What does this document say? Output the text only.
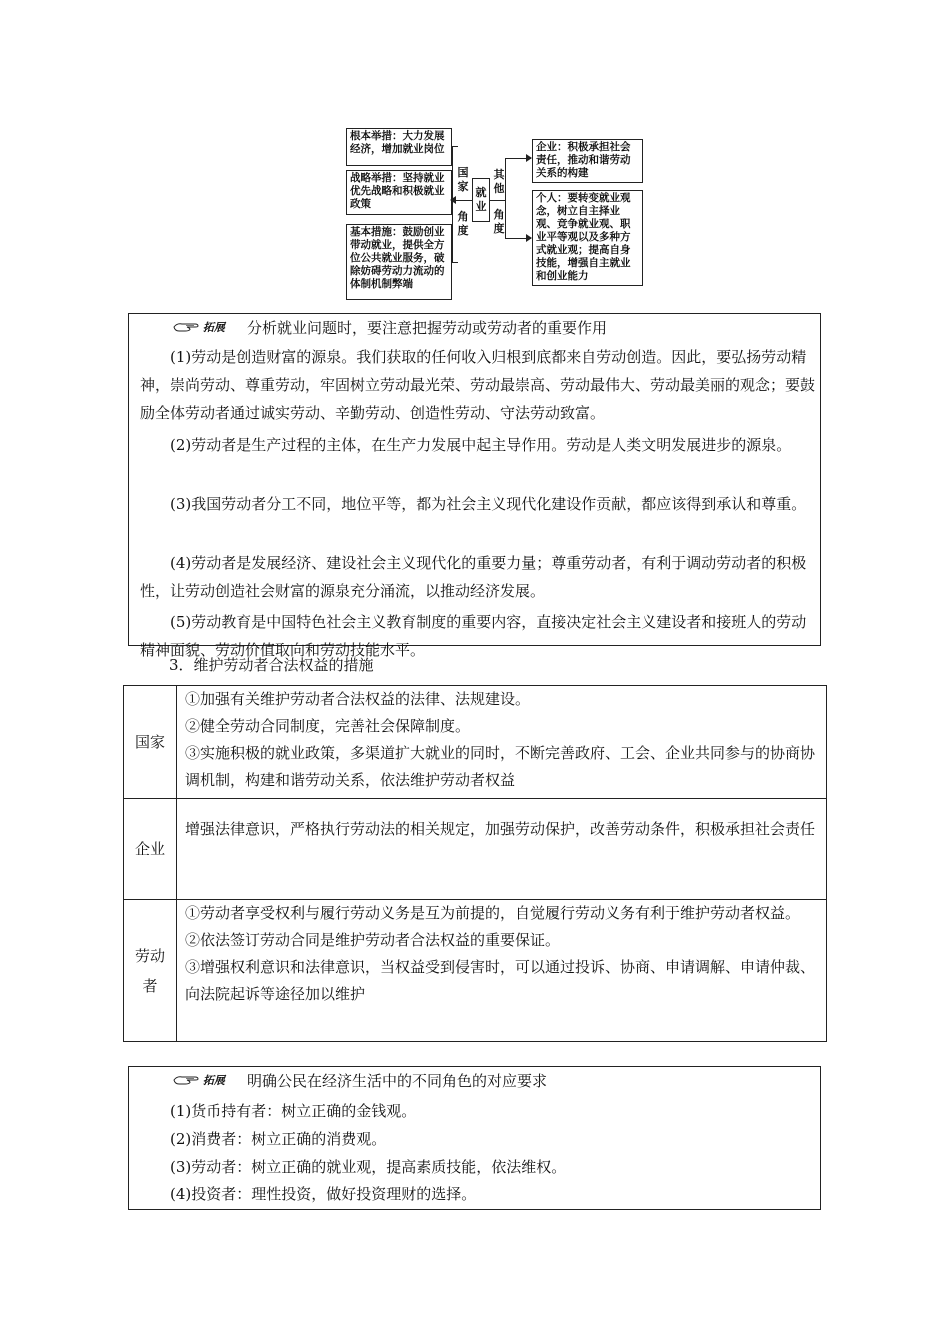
根本举措：大力发展经济，增加就业岗位
战略举措：坚持就业优先战略和积极就业政策
基本措施：鼓励创业带动就业，提供全方位公共就业服务，破除妨碍劳动力流动的体制机制弊端
国家
角度
就业
其他
角度
企业：积极承担社会责任，推动和谐劳动关系的构建
个人：要转变就业观念，树立自主择业观、竞争就业观、职业平等观以及多种方式就业观；提高自身技能，增强自主就业和创业能力
拓展 分析就业问题时，要注意把握劳动或劳动者的重要作用
(1)劳动是创造财富的源泉。我们获取的任何收入归根到底都来自劳动创造。因此，要弘扬劳动精神，崇尚劳动、尊重劳动，牢固树立劳动最光荣、劳动最崇高、劳动最伟大、劳动最美丽的观念；要鼓励全体劳动者通过诚实劳动、辛勤劳动、创造性劳动、守法劳动致富。
(2)劳动者是生产过程的主体，在生产力发展中起主导作用。劳动是人类文明发展进步的源泉。
(3)我国劳动者分工不同，地位平等，都为社会主义现代化建设作贡献，都应该得到承认和尊重。
(4)劳动者是发展经济、建设社会主义现代化的重要力量；尊重劳动者，有利于调动劳动者的积极性，让劳动创造社会财富的源泉充分涌流，以推动经济发展。
(5)劳动教育是中国特色社会主义教育制度的重要内容，直接决定社会主义建设者和接班人的劳动精神面貌、劳动价值取向和劳动技能水平。
3．维护劳动者合法权益的措施
国家	①加强有关维护劳动者合法权益的法律、法规建设。
②健全劳动合同制度，完善社会保障制度。
③实施积极的就业政策，多渠道扩大就业的同时，不断完善政府、工会、企业共同参与的协商协调机制，构建和谐劳动关系，依法维护劳动者权益

企业	增强法律意识，严格执行劳动法的相关规定，加强劳动保护，改善劳动条件，积极承担社会责任

劳动者	①劳动者享受权利与履行劳动义务是互为前提的，自觉履行劳动义务有利于维护劳动者权益。
②依法签订劳动合同是维护劳动者合法权益的重要保证。
③增强权利意识和法律意识，当权益受到侵害时，可以通过投诉、协商、申请调解、申请仲裁、向法院起诉等途径加以维护
拓展 明确公民在经济生活中的不同角色的对应要求
(1)货币持有者：树立正确的金钱观。
(2)消费者：树立正确的消费观。
(3)劳动者：树立正确的就业观，提高素质技能，依法维权。
(4)投资者：理性投资，做好投资理财的选择。
